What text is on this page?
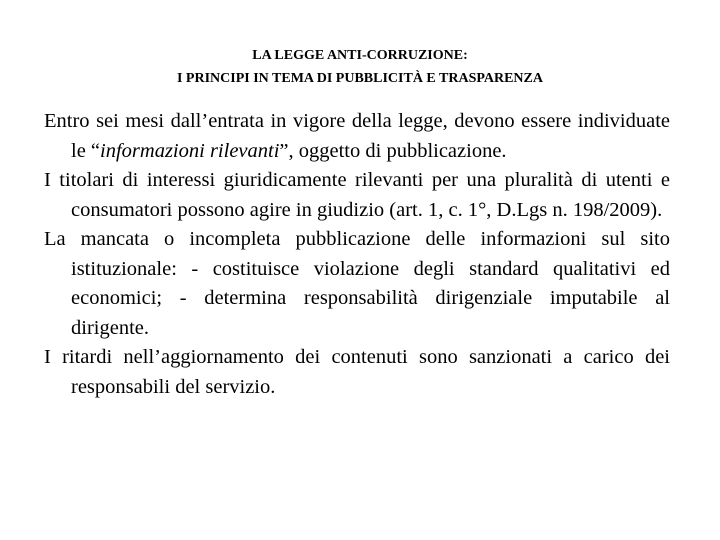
LA LEGGE ANTI-CORRUZIONE:
I PRINCIPI IN TEMA DI PUBBLICITÀ E TRASPARENZA

Entro sei mesi dall’entrata in vigore della legge, devono essere individuate le “informazioni rilevanti”, oggetto di pubblicazione.

I titolari di interessi giuridicamente rilevanti per una pluralità di utenti e consumatori possono agire in giudizio (art. 1, c. 1°, D.Lgs n. 198/2009).

La mancata o incompleta pubblicazione delle informazioni sul sito istituzionale: - costituisce violazione degli standard qualitativi ed economici; - determina responsabilità dirigenziale imputabile al dirigente.

I ritardi nell’aggiornamento dei contenuti sono sanzionati a carico dei responsabili del servizio.
